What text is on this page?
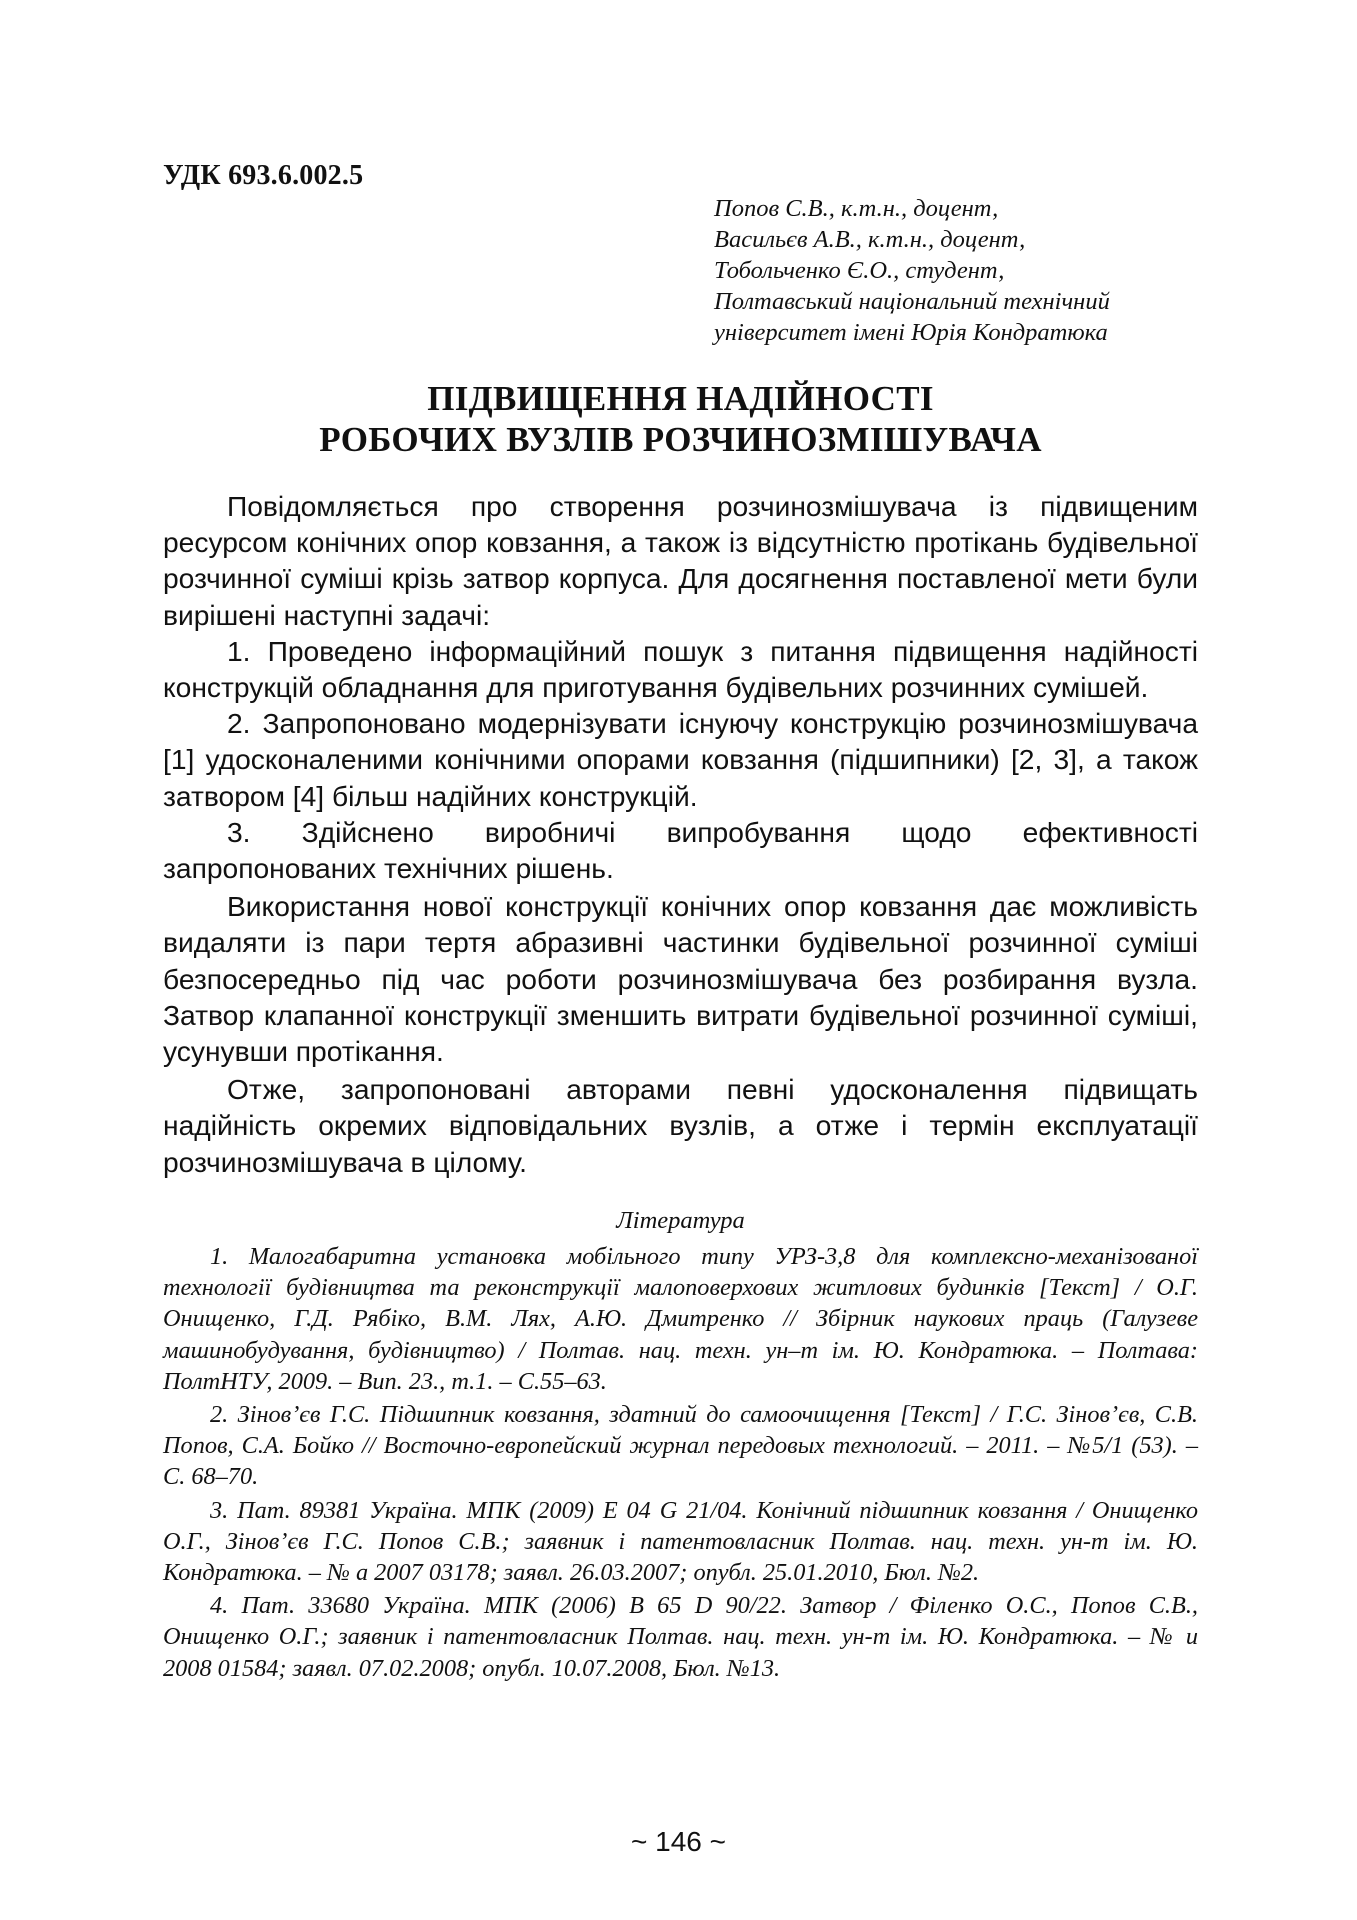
УДК 693.6.002.5
Попов С.В., к.т.н., доцент,
Васильєв А.В., к.т.н., доцент,
Тобольченко Є.О., студент,
Полтавський національний технічний
університет імені Юрія Кондратюка
ПІДВИЩЕННЯ НАДІЙНОСТІ
РОБОЧИХ ВУЗЛІВ РОЗЧИНОЗМІШУВАЧА

Повідомляється про створення розчинозмішувача із підвищеним ресурсом конічних опор ковзання, а також із відсутністю протікань будівельної розчинної суміші крізь затвор корпуса. Для досягнення поставленої мети були вирішені наступні задачі:

1. Проведено інформаційний пошук з питання підвищення надійності конструкцій обладнання для приготування будівельних розчинних сумішей.

2. Запропоновано модернізувати існуючу конструкцію розчинозмішувача [1] удосконаленими конічними опорами ковзання (підшипники) [2, 3], а також затвором [4] більш надійних конструкцій.

3. Здійснено виробничі випробування щодо ефективності запропонованих технічних рішень.

Використання нової конструкції конічних опор ковзання дає можливість видаляти із пари тертя абразивні частинки будівельної розчинної суміші безпосередньо під час роботи розчинозмішувача без розбирання вузла. Затвор клапанної конструкції зменшить витрати будівельної розчинної суміші, усунувши протікання.

Отже, запропоновані авторами певні удосконалення підвищать надійність окремих відповідальних вузлів, а отже і термін експлуатації розчинозмішувача в цілому.

Література

1. Малогабаритна установка мобільного типу УРЗ-3,8 для комплексно-механізованої технології будівництва та реконструкції малоповерхових житлових будинків [Текст] / О.Г. Онищенко, Г.Д. Рябіко, В.М. Лях, А.Ю. Дмитренко // Збірник наукових праць (Галузеве машинобудування, будівництво) / Полтав. нац. техн. ун–т ім. Ю. Кондратюка. – Полтава: ПолтНТУ, 2009. – Вип. 23., т.1. – С.55–63.

2. Зінов’єв Г.С. Підшипник ковзання, здатний до самоочищення [Текст] / Г.С. Зінов’єв, С.В. Попов, С.А. Бойко // Восточно-европейский журнал передовых технологий. – 2011. – №5/1 (53). – С. 68–70.

3. Пат. 89381 Україна. МПК (2009) E 04 G 21/04. Конічний підшипник ковзання / Онищенко О.Г., Зінов’єв Г.С. Попов С.В.; заявник і патентовласник Полтав. нац. техн. ун-т ім. Ю. Кондратюка. – № а 2007 03178; заявл. 26.03.2007; опубл. 25.01.2010, Бюл. №2.

4. Пат. 33680 Україна. МПК (2006) B 65 D 90/22. Затвор / Філенко О.С., Попов С.В., Онищенко О.Г.; заявник і патентовласник Полтав. нац. техн. ун-т ім. Ю. Кондратюка. – № u 2008 01584; заявл. 07.02.2008; опубл. 10.07.2008, Бюл. №13.

~ 146 ~
